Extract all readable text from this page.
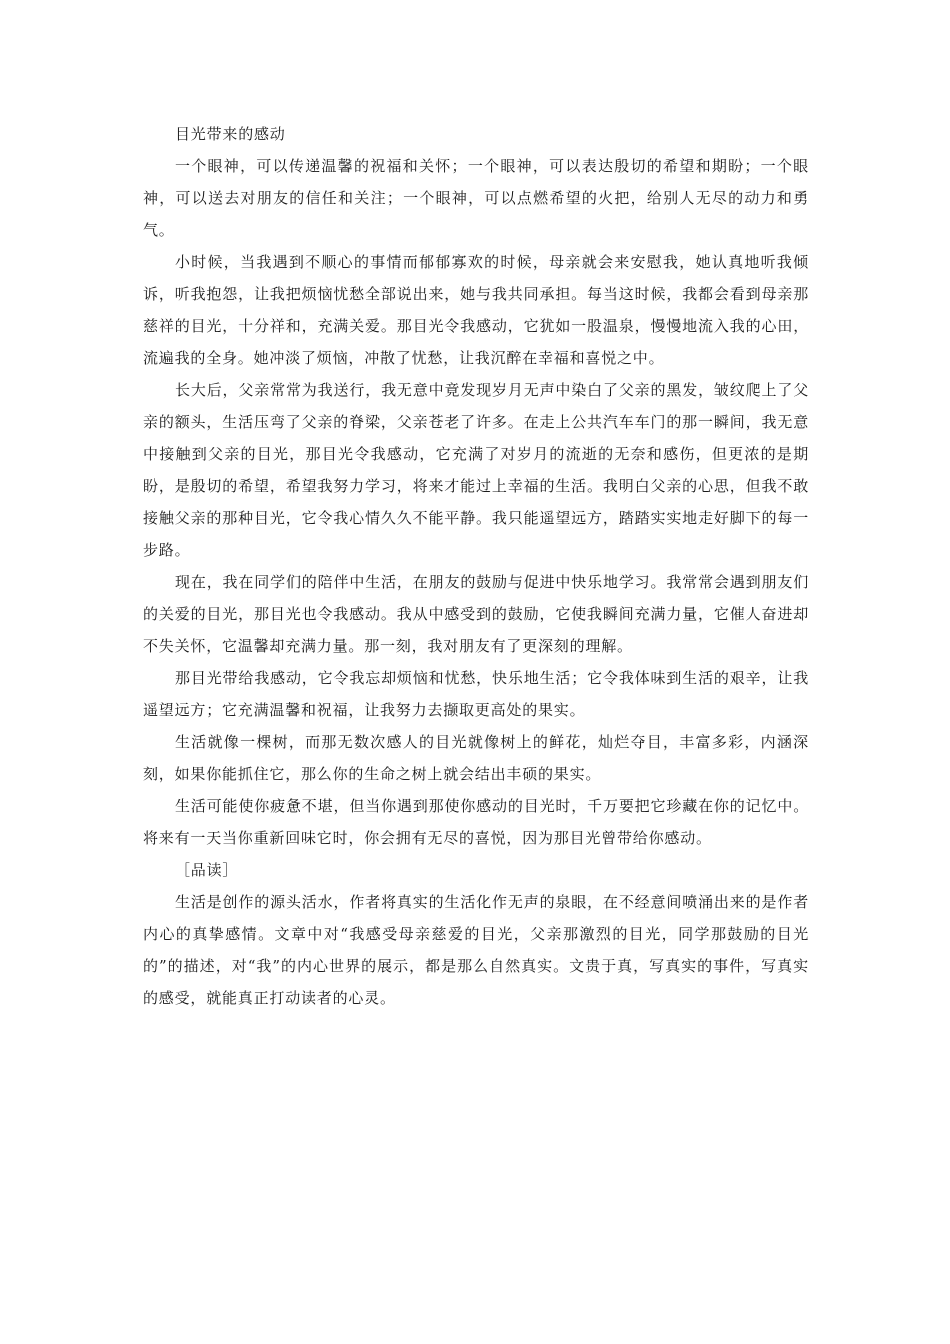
目光带来的感动

一个眼神，可以传递温馨的祝福和关怀；一个眼神，可以表达殷切的希望和期盼；一个眼神，可以送去对朋友的信任和关注；一个眼神，可以点燃希望的火把，给别人无尽的动力和勇气。

小时候，当我遇到不顺心的事情而郁郁寡欢的时候，母亲就会来安慰我，她认真地听我倾诉，听我抱怨，让我把烦恼忧愁全部说出来，她与我共同承担。每当这时候，我都会看到母亲那慈祥的目光，十分祥和，充满关爱。那目光令我感动，它犹如一股温泉，慢慢地流入我的心田，流遍我的全身。她冲淡了烦恼，冲散了忧愁，让我沉醉在幸福和喜悦之中。

长大后，父亲常常为我送行，我无意中竟发现岁月无声中染白了父亲的黑发，皱纹爬上了父亲的额头，生活压弯了父亲的脊梁，父亲苍老了许多。在走上公共汽车车门的那一瞬间，我无意中接触到父亲的目光，那目光令我感动，它充满了对岁月的流逝的无奈和感伤，但更浓的是期盼，是殷切的希望，希望我努力学习，将来才能过上幸福的生活。我明白父亲的心思，但我不敢接触父亲的那种目光，它令我心情久久不能平静。我只能遥望远方，踏踏实实地走好脚下的每一步路。

现在，我在同学们的陪伴中生活，在朋友的鼓励与促进中快乐地学习。我常常会遇到朋友们的关爱的目光，那目光也令我感动。我从中感受到的鼓励，它使我瞬间充满力量，它催人奋进却不失关怀，它温馨却充满力量。那一刻，我对朋友有了更深刻的理解。

那目光带给我感动，它令我忘却烦恼和忧愁，快乐地生活；它令我体味到生活的艰辛，让我遥望远方；它充满温馨和祝福，让我努力去撷取更高处的果实。

生活就像一棵树，而那无数次感人的目光就像树上的鲜花，灿烂夺目，丰富多彩，内涵深刻，如果你能抓住它，那么你的生命之树上就会结出丰硕的果实。

生活可能使你疲惫不堪，但当你遇到那使你感动的目光时，千万要把它珍藏在你的记忆中。将来有一天当你重新回味它时，你会拥有无尽的喜悦，因为那目光曾带给你感动。

［品读］

生活是创作的源头活水，作者将真实的生活化作无声的泉眼，在不经意间喷涌出来的是作者内心的真挚感情。文章中对“我感受母亲慈爱的目光，父亲那激烈的目光，同学那鼓励的目光的”的描述，对“我”的内心世界的展示，都是那么自然真实。文贵于真，写真实的事件，写真实的感受，就能真正打动读者的心灵。
